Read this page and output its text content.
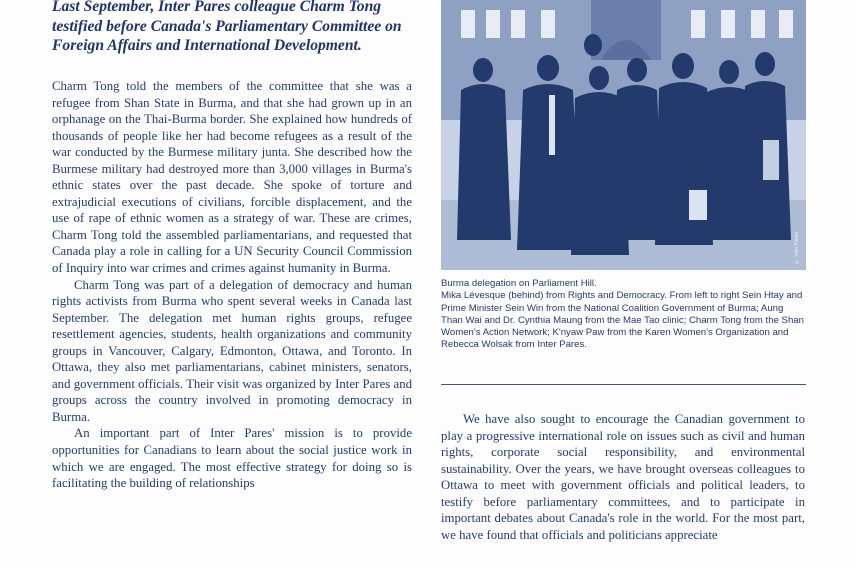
Last September, Inter Pares colleague Charm Tong testified before Canada's Parliamentary Committee on Foreign Affairs and International Development.

Charm Tong told the members of the committee that she was a refugee from Shan State in Burma, and that she had grown up in an orphanage on the Thai-Burma border. She explained how hundreds of thousands of people like her had become refugees as a result of the war conducted by the Burmese military junta. She described how the Burmese military had destroyed more than 3,000 villages in Burma's ethnic states over the past decade. She spoke of torture and extrajudicial executions of civilians, forcible displacement, and the use of rape of ethnic women as a strategy of war. These are crimes, Charm Tong told the assembled parliamentarians, and requested that Canada play a role in calling for a UN Security Council Commission of Inquiry into war crimes and crimes against humanity in Burma.

Charm Tong was part of a delegation of democracy and human rights activists from Burma who spent several weeks in Canada last September. The delegation met human rights groups, refugee resettlement agencies, students, health organizations and community groups in Vancouver, Calgary, Edmonton, Ottawa, and Toronto. In Ottawa, they also met parliamentarians, cabinet ministers, senators, and government officials. Their visit was organized by Inter Pares and groups across the country involved in promoting democracy in Burma.

An important part of Inter Pares' mission is to provide opportunities for Canadians to learn about the social justice work in which we are engaged. The most effective strategy for doing so is facilitating the building of relationships

© Inter Pares

Burma delegation on Parliament Hill.

Mika Lévesque (behind) from Rights and Democracy. From left to right Sein Htay and Prime Minister Sein Win from the National Coalition Government of Burma; Aung Than Wai and Dr. Cynthia Maung from the Mae Tao clinic; Charm Tong from the Shan Women's Action Network; K'nyaw Paw from the Karen Women's Organization and Rebecca Wolsak from Inter Pares.

We have also sought to encourage the Canadian government to play a progressive international role on issues such as civil and human rights, corporate social responsibility, and environmental sustainability. Over the years, we have brought overseas colleagues to Ottawa to meet with government officials and political leaders, to testify before parliamentary committees, and to participate in important debates about Canada's role in the world. For the most part, we have found that officials and politicians appreciate
